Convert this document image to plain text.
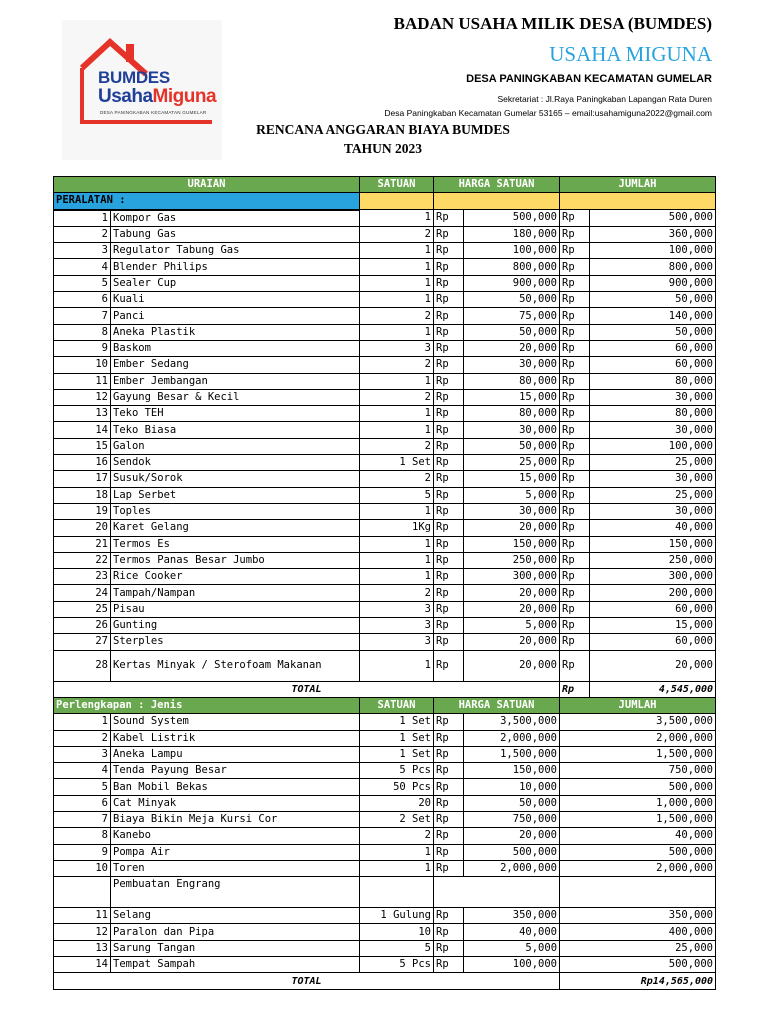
BUMDES
UsahaMiguna
DESA PANINGKABAN KECAMATAN GUMELAR
BADAN USAHA MILIK DESA (BUMDES)
USAHA MIGUNA
DESA PANINGKABAN KECAMATAN GUMELAR
Sekretariat : Jl.Raya Paningkaban Lapangan Rata Duren
Desa Paningkaban Kecamatan Gumelar 53165 – email:usahamiguna2022@gmail.com
RENCANA ANGGARAN BIAYA BUMDES
TAHUN 2023
URAIAN		SATUAN	HARGA SATUAN		JUMLAH	
PERALATAN :						
1	Kompor Gas	1	Rp	500,000	Rp	500,000
2	Tabung Gas	2	Rp	180,000	Rp	360,000
3	Regulator Tabung Gas	1	Rp	100,000	Rp	100,000
4	Blender Philips	1	Rp	800,000	Rp	800,000
5	Sealer Cup	1	Rp	900,000	Rp	900,000
6	Kuali	1	Rp	50,000	Rp	50,000
7	Panci	2	Rp	75,000	Rp	140,000
8	Aneka Plastik	1	Rp	50,000	Rp	50,000
9	Baskom	3	Rp	20,000	Rp	60,000
10	Ember Sedang	2	Rp	30,000	Rp	60,000
11	Ember Jembangan	1	Rp	80,000	Rp	80,000
12	Gayung Besar & Kecil	2	Rp	15,000	Rp	30,000
13	Teko TEH	1	Rp	80,000	Rp	80,000
14	Teko Biasa	1	Rp	30,000	Rp	30,000
15	Galon	2	Rp	50,000	Rp	100,000
16	Sendok	1 Set	Rp	25,000	Rp	25,000
17	Susuk/Sorok	2	Rp	15,000	Rp	30,000
18	Lap Serbet	5	Rp	5,000	Rp	25,000
19	Toples	1	Rp	30,000	Rp	30,000
20	Karet Gelang	1Kg	Rp	20,000	Rp	40,000
21	Termos Es	1	Rp	150,000	Rp	150,000
22	Termos Panas Besar Jumbo	1	Rp	250,000	Rp	250,000
23	Rice Cooker	1	Rp	300,000	Rp	300,000
24	Tampah/Nampan	2	Rp	20,000	Rp	200,000
25	Pisau	3	Rp	20,000	Rp	60,000
26	Gunting	3	Rp	5,000	Rp	15,000
27	Sterples	3	Rp	20,000	Rp	60,000
28	Kertas Minyak / Sterofoam Makanan	1	Rp	20,000	Rp	20,000
TOTAL					Rp	4,545,000
Perlengkapan : Jenis		SATUAN	HARGA SATUAN		JUMLAH	
1	Sound System	1 Set	Rp	3,500,000	3,500,000	
2	Kabel Listrik	1 Set	Rp	2,000,000	2,000,000	
3	Aneka Lampu	1 Set	Rp	1,500,000	1,500,000	
4	Tenda Payung Besar	5 Pcs	Rp	150,000	750,000	
5	Ban Mobil Bekas	50 Pcs	Rp	10,000	500,000	
6	Cat Minyak	20	Rp	50,000	1,000,000	
7	Biaya Bikin Meja Kursi Cor	2 Set	Rp	750,000	1,500,000	
8	Kanebo	2	Rp	20,000	40,000	
9	Pompa Air	1	Rp	500,000	500,000	
10	Toren	1	Rp	2,000,000	2,000,000	
	Pembuatan Engrang					
11	Selang	1 Gulung	Rp	350,000	350,000	
12	Paralon dan Pipa	10	Rp	40,000	400,000	
13	Sarung Tangan	5	Rp	5,000	25,000	
14	Tempat Sampah	5 Pcs	Rp	100,000	500,000	
TOTAL					Rp14,565,000	
